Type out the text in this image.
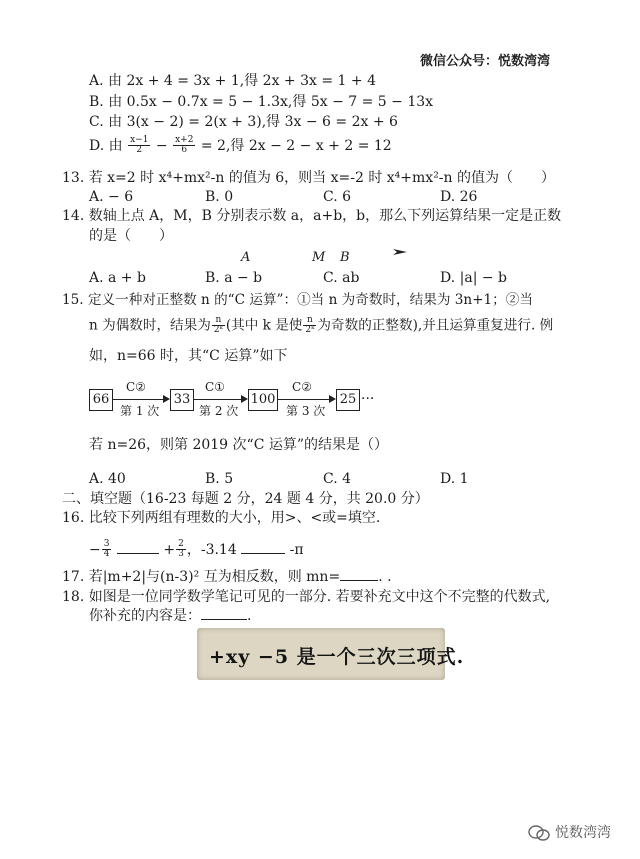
微信公众号：悦数湾湾
A. 由 2x + 4 = 3x + 1,得 2x + 3x = 1 + 4
B. 由 0.5x − 0.7x = 5 − 1.3x,得 5x − 7 = 5 − 13x
C. 由 3(x − 2) = 2(x + 3),得 3x − 6 = 2x + 6
D. 由 $\frac{x-1}{2} - \frac{x+2}{6} = 2$,得 2x − 2 − x + 2 = 12
13. 若 x=2 时 x⁴+mx²-n 的值为 6，则当 x=-2 时 x⁴+mx²-n 的值为（　　）
A. − 6	B. 0	C. 6	D. 26
14. 数轴上点 A，M，B 分别表示数 a，a+b，b，那么下列运算结果一定是正数
的是（　　）
A	M B
A. a + b	B. a − b	C. ab	D. |a| − b
15. 定义一种对正整数 n 的“C 运算”：①当 n 为奇数时，结果为 3n+1；②当
n 为偶数时，结果为 $\frac{n}{\text{2ᵏ}}$ (其中 k 是使 $\frac{n}{\text{2ᵏ}}$ 为奇数的正整数),并且运算重复进行. 例
如，n=66 时，其“C 运算”如下
66	33	100	25 ···
C②
第 1 次
C①
第 2 次
C②
第 3 次
若 n=26，则第 2019 次“C 运算”的结果是（）
A. 40	B. 5	C. 4	D. 1
二、填空题（16-23 每题 2 分，24 题 4 分，共 20.0 分）
16. 比较下列两组有理数的大小，用>、<或=填空.
− $\frac{3}{4}$	+ $\frac{2}{3}$ ，-3.14	-π
17. 若|m+2|与(n-3)² 互为相反数，则 mn=	. .
18. 如图是一位同学数学笔记可见的一部分. 若要补充文中这个不完整的代数式,
你补充的内容是：	.
+xy −5 是一个三次三项式.
悦数湾湾
